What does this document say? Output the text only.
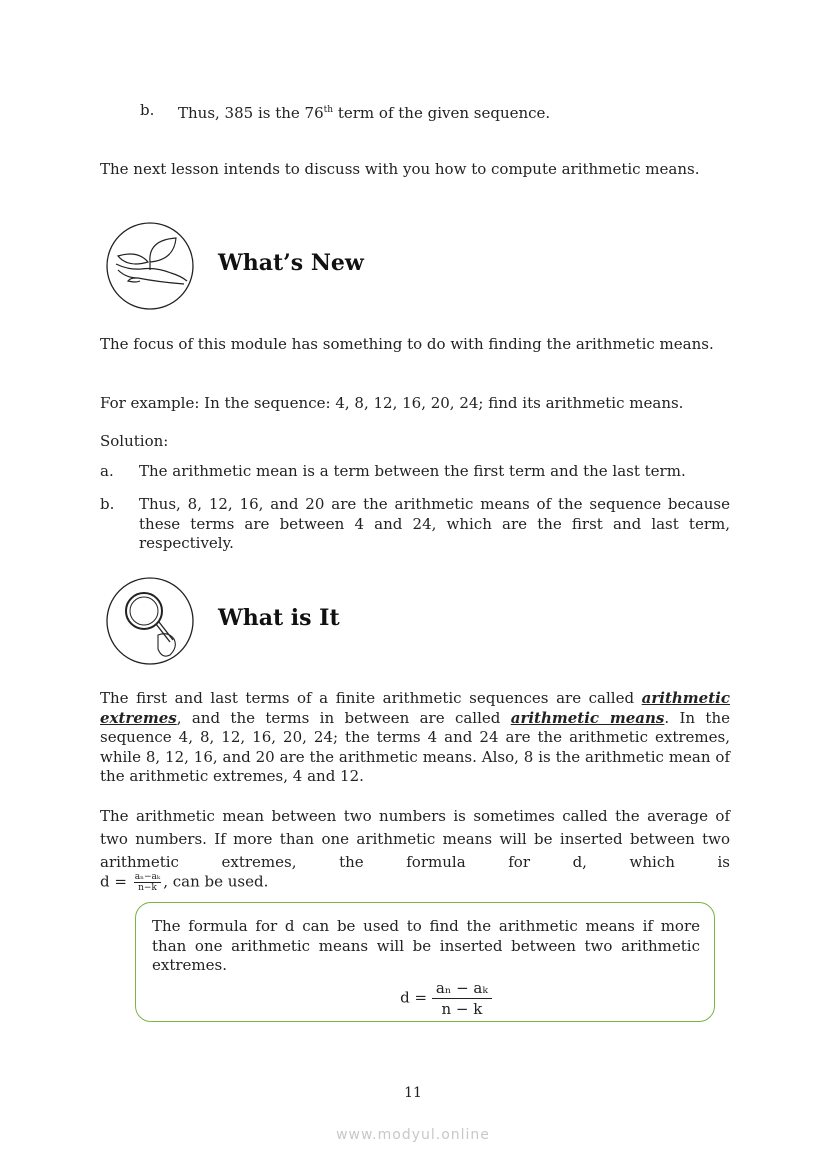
b. Thus, 385 is the 76th term of the given sequence.
The next lesson intends to discuss with you how to compute arithmetic means.
What’s New
The focus of this module has something to do with finding the arithmetic means.
For example: In the sequence: 4, 8, 12, 16, 20, 24; find its arithmetic means.
Solution:
a. The arithmetic mean is a term between the first term and the last term.
b. Thus, 8, 12, 16, and 20 are the arithmetic means of the sequence because these terms are between 4 and 24, which are the first and last term, respectively.
What is It
The first and last terms of a finite arithmetic sequences are called arithmetic extremes, and the terms in between are called arithmetic means. In the sequence 4, 8, 12, 16, 20, 24; the terms 4 and 24 are the arithmetic extremes, while 8, 12, 16, and 20 are the arithmetic means. Also, 8 is the arithmetic mean of the arithmetic extremes, 4 and 12.
The arithmetic mean between two numbers is sometimes called the average of two numbers. If more than one arithmetic means will be inserted between two arithmetic extremes, the formula for d, which is
$d = \frac{\text{aₙ−aₖ}}{n-k}$ , can be used.
The formula for d can be used to find the arithmetic means if more than one arithmetic means will be inserted between two arithmetic extremes.
$d = \frac{\text{aₙ − aₖ}}{n - k}$
11
www.modyul.online
